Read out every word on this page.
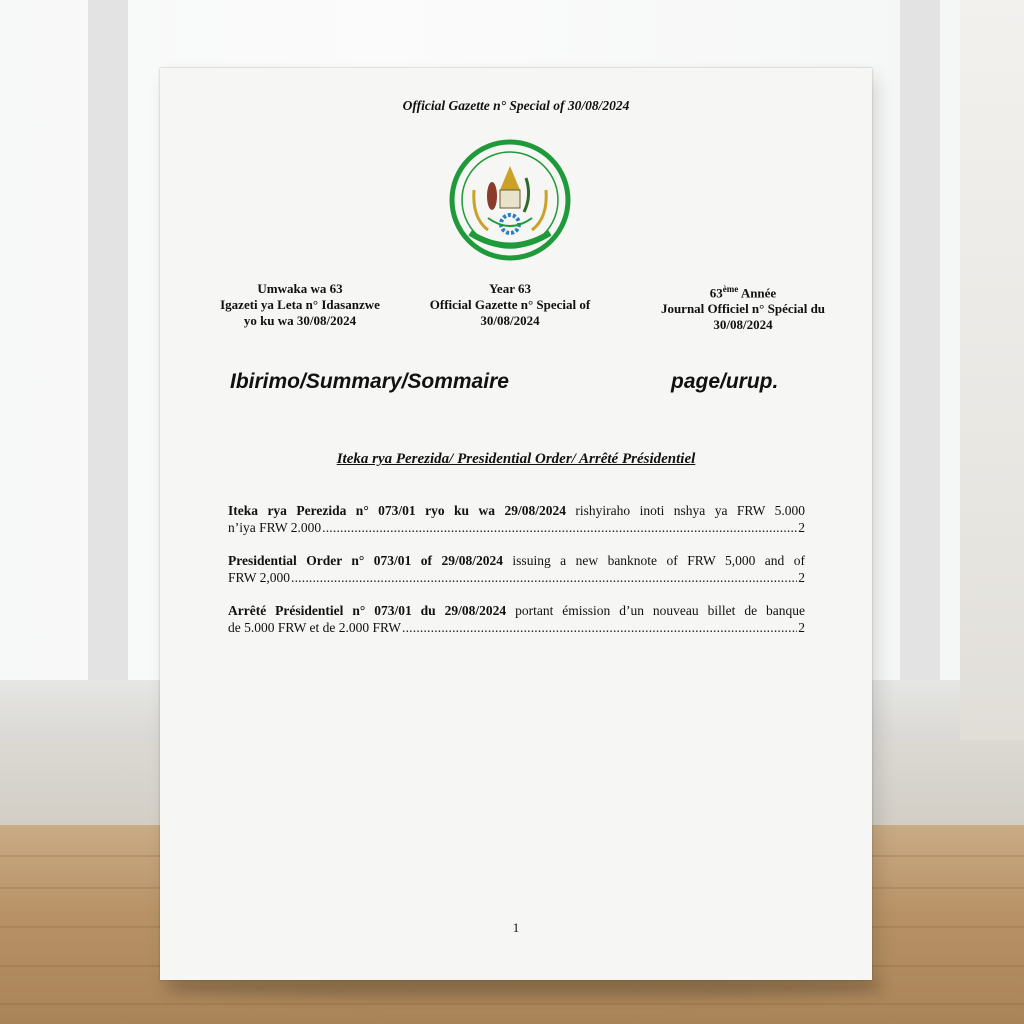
Official Gazette n° Special of 30/08/2024
Umwaka wa 63
Igazeti ya Leta n° Idasanzwe
yo ku wa 30/08/2024
Year 63
Official Gazette n° Special of
30/08/2024
63ème Année
Journal Officiel n° Spécial du
30/08/2024
Ibirimo/Summary/Sommaire	page/urup.
Iteka rya Perezida/ Presidential Order/ Arrêté Présidentiel
Iteka rya Perezida n° 073/01 ryo ku wa 29/08/2024 rishyiraho inoti nshya ya FRW 5.000
n’iya FRW 2.000 .....	2
Presidential Order n° 073/01 of 29/08/2024 issuing a new banknote of FRW 5,000 and of
FRW 2,000 .....	2
Arrêté Présidentiel n° 073/01 du 29/08/2024 portant émission d’un nouveau billet de banque
de 5.000 FRW et de 2.000 FRW .....	2
1
